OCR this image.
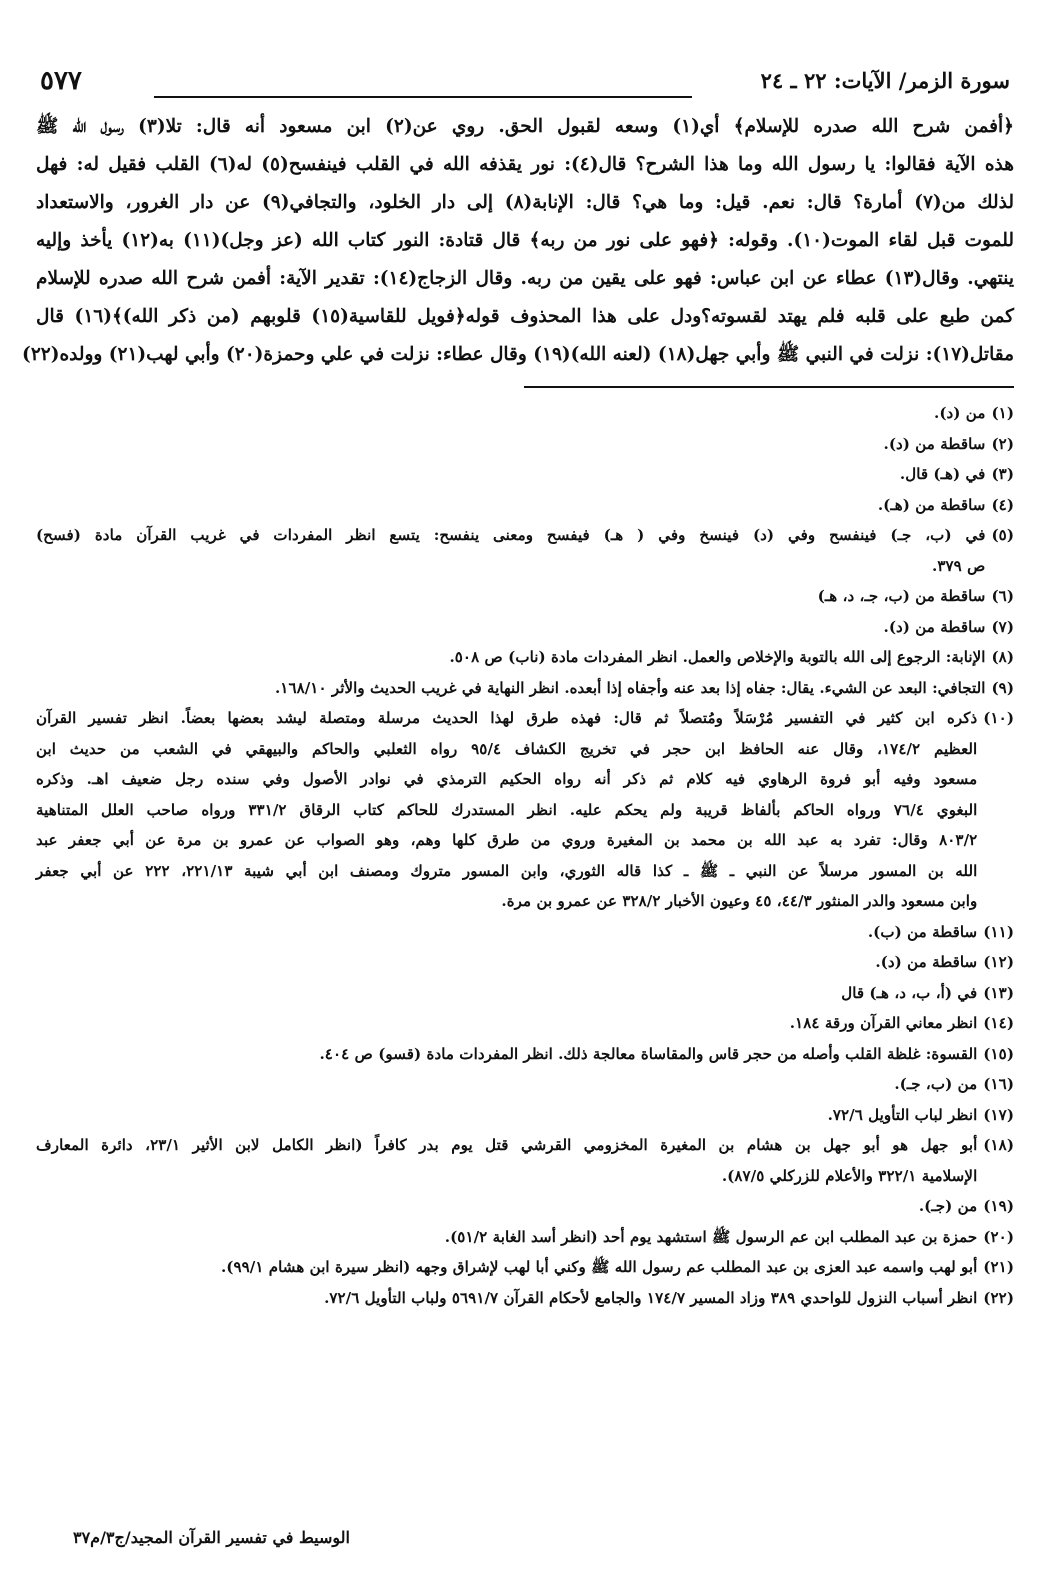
سورة الزمر/ الآيات: ٢٢ ـ ٢٤
٥٧٧
﴿أفمن شرح الله صدره للإسلام﴾ أي(١) وسعه لقبول الحق. روي عن(٢) ابن مسعود أنه قال: تلا(٣) رسول الله ﷺ
هذه الآية فقالوا: يا رسول الله وما هذا الشرح؟ قال(٤): نور يقذفه الله في القلب فينفسح(٥) له(٦) القلب فقيل له: فهل
لذلك من(٧) أمارة؟ قال: نعم. قيل: وما هي؟ قال: الإنابة(٨) إلى دار الخلود، والتجافي(٩) عن دار الغرور، والاستعداد
للموت قبل لقاء الموت(١٠). وقوله: ﴿فهو على نور من ربه﴾ قال قتادة: النور كتاب الله (عز وجل)(١١) به(١٢) يأخذ وإليه
ينتهي. وقال(١٣) عطاء عن ابن عباس: فهو على يقين من ربه. وقال الزجاج(١٤): تقدير الآية: أفمن شرح الله صدره للإسلام
كمن طبع على قلبه فلم يهتد لقسوته؟ودل على هذا المحذوف قوله﴿فويل للقاسية(١٥) قلوبهم (من ذكر الله)﴾(١٦) قال
مقاتل(١٧): نزلت في النبي ﷺ وأبي جهل(١٨) (لعنه الله)(١٩) وقال عطاء: نزلت في علي وحمزة(٢٠) وأبي لهب(٢١) وولده(٢٢)
(١)
من (د).
(٢)
ساقطة من (د).
(٣)
في (هـ) قال.
(٤)
ساقطة من (هـ).
(٥)
في (ب، جـ) فينفسح وفي (د) فينسخ وفي ( هـ) فيفسح ومعنى ينفسح: يتسع انظر المفردات في غريب القرآن مادة (فسح)
ص ٣٧٩.
(٦)
ساقطة من (ب، جـ، د، هـ)
(٧)
ساقطة من (د).
(٨)
الإنابة: الرجوع إلى الله بالتوبة والإخلاص والعمل. انظر المفردات مادة (ناب) ص ٥٠٨.
(٩)
التجافي: البعد عن الشيء. يقال: جفاه إذا بعد عنه وأجفاه إذا أبعده. انظر النهاية في غريب الحديث والأثر ١٦٨/١٠.
(١٠)
ذكره ابن كثير في التفسير مُرْسَلاً ومُتصلاً ثم قال: فهذه طرق لهذا الحديث مرسلة ومتصلة ليشد بعضها بعضاً. انظر تفسير القرآن
العظيم ١٧٤/٢، وقال عنه الحافظ ابن حجر في تخريج الكشاف ٩٥/٤ رواه الثعلبي والحاكم والبيهقي في الشعب من حديث ابن
مسعود وفيه أبو فروة الرهاوي فيه كلام ثم ذكر أنه رواه الحكيم الترمذي في نوادر الأصول وفي سنده رجل ضعيف اهـ. وذكره
البغوي ٧٦/٤ ورواه الحاكم بألفاظ قريبة ولم يحكم عليه. انظر المستدرك للحاكم كتاب الرقاق ٣٣١/٢ ورواه صاحب العلل المتناهية
٨٠٣/٢ وقال: تفرد به عبد الله بن محمد بن المغيرة وروي من طرق كلها وهم، وهو الصواب عن عمرو بن مرة عن أبي جعفر عبد
الله بن المسور مرسلاً عن النبي ـ ﷺ ـ كذا قاله الثوري، وابن المسور متروك ومصنف ابن أبي شيبة ٢٢١/١٣، ٢٢٢ عن أبي جعفر
وابن مسعود والدر المنثور ٤٤/٣، ٤٥ وعيون الأخبار ٣٢٨/٢ عن عمرو بن مرة.
(١١)
ساقطة من (ب).
(١٢)
ساقطة من (د).
(١٣)
في (أ، ب، د، هـ) قال
(١٤)
انظر معاني القرآن ورقة ١٨٤.
(١٥)
القسوة: غلظة القلب وأصله من حجر قاس والمقاساة معالجة ذلك. انظر المفردات مادة (قسو) ص ٤٠٤.
(١٦)
من (ب، جـ).
(١٧)
انظر لباب التأويل ٧٢/٦.
(١٨)
أبو جهل هو أبو جهل بن هشام بن المغيرة المخزومي القرشي قتل يوم بدر كافراً (انظر الكامل لابن الأثير ٢٣/١، دائرة المعارف
الإسلامية ٣٢٢/١ والأعلام للزركلي ٨٧/٥).
(١٩)
من (جـ).
(٢٠)
حمزة بن عبد المطلب ابن عم الرسول ﷺ استشهد يوم أحد (انظر أسد الغابة ٥١/٢).
(٢١)
أبو لهب واسمه عبد العزى بن عبد المطلب عم رسول الله ﷺ وكني أبا لهب لإشراق وجهه (انظر سيرة ابن هشام ٩٩/١).
(٢٢)
انظر أسباب النزول للواحدي ٣٨٩ وزاد المسير ١٧٤/٧ والجامع لأحكام القرآن ٥٦٩١/٧ ولباب التأويل ٧٢/٦.
الوسيط في تفسير القرآن المجيد/ج٣/م٣٧
